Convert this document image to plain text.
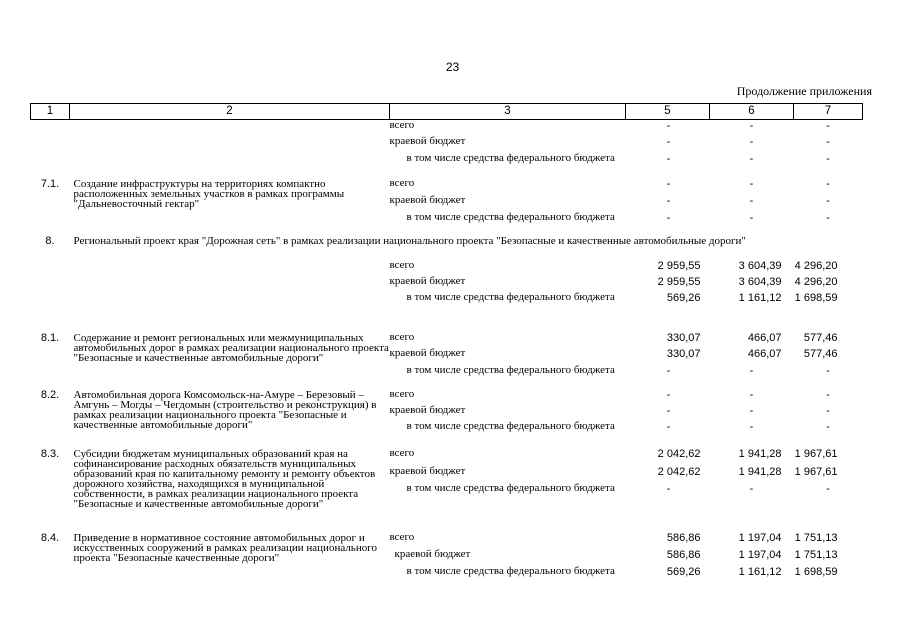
23
Продолжение приложения
1	2	3	5	6	7
		всего	-	-	-
		краевой бюджет	-	-	-
		в том числе средства федерального бюджета	-	-	-

7.1.	Создание инфраструктуры на территориях компактно расположенных земельных участков в рамках программы "Дальневосточный гектар"	всего	-	-	-
		краевой бюджет	-	-	-
		в том числе средства федерального бюджета	-	-	-
8.	Региональный проект края "Дорожная сеть" в рамках реализации национального проекта "Безопасные и качественные автомобильные дороги"				
		всего	2 959,55	3 604,39	4 296,20
		краевой бюджет	2 959,55	3 604,39	4 296,20
		в том числе средства федерального бюджета	569,26	1 161,12	1 698,59

8.1.	Содержание и ремонт региональных или межмуниципальных автомобильных дорог в рамках реализации национального проекта "Безопасные и качественные автомобильные дороги"	всего	330,07	466,07	577,46
		краевой бюджет	330,07	466,07	577,46
		в том числе средства федерального бюджета	-	-	-
8.2.	Автомобильная дорога Комсомольск-на-Амуре – Березовый – Амгунь – Могды – Чегдомын (строительство и реконструкция) в рамках реализации национального проекта "Безопасные и качественные автомобильные дороги"	всего	-	-	-
		краевой бюджет	-	-	-
		в том числе средства федерального бюджета	-	-	-
8.3.	Субсидии бюджетам муниципальных образований края на софинансирование расходных обязательств муниципальных образований края по капитальному ремонту и ремонту объектов дорожного хозяйства, находящихся в муниципальной собственности, в рамках реализации национального проекта "Безопасные и качественные автомобильные дороги"	всего	2 042,62	1 941,28	1 967,61
		краевой бюджет	2 042,62	1 941,28	1 967,61
		в том числе средства федерального бюджета	-	-	-

8.4.	Приведение в нормативное состояние автомобильных дорог и искусственных сооружений в рамках реализации национального проекта "Безопасные качественные дороги"	всего	586,86	1 197,04	1 751,13
		краевой бюджет	586,86	1 197,04	1 751,13
		в том числе средства федерального бюджета	569,26	1 161,12	1 698,59
